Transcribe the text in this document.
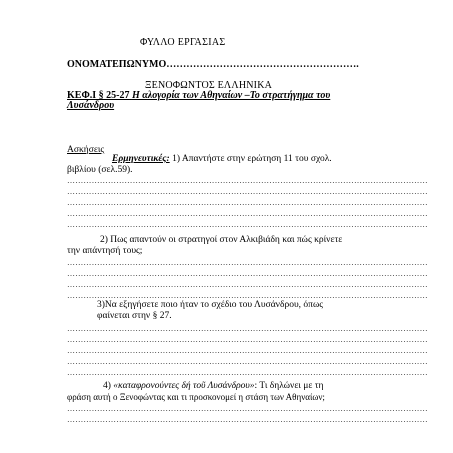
ΦΥΛΛΟ ΕΡΓΑΣΙΑΣ
ΟΝΟΜΑΤΕΠΩΝΥΜΟ………………………………………………….
ΞΕΝΟΦΩΝΤΟΣ ΕΛΛΗΝΙΚΑ
ΚΕΦ.Ι § 25-27 Η αλογορία των Αθηναίων –Το στρατήγημα του
Λυσάνδρου
Ασκήσεις
Ερμηνευτικές: 1) Απαντήστε στην ερώτηση 11 του σχολ.
βιβλίου (σελ.59).
……………………………………………………………………………………………………………………
……………………………………………………………………………………………………………………
……………………………………………………………………………………………………………………
……………………………………………………………………………………………………………………
……………………………………………………………………………………………………………………
2) Πως απαντούν οι στρατηγοί στον Αλκιβιάδη και πώς κρίνετε
την απάντησή τους;
……………………………………………………………………………………………………………………
……………………………………………………………………………………………………………………
……………………………………………………………………………………………………………………
……………………………………………………………………………………………………………………
3)Να εξηγήσετε ποιο ήταν το σχέδιο του Λυσάνδρου, όπως
φαίνεται στην § 27.
……………………………………………………………………………………………………………………
……………………………………………………………………………………………………………………
……………………………………………………………………………………………………………………
……………………………………………………………………………………………………………………
……………………………………………………………………………………………………………………
4) «καταφρονούντες δή τοῦ Λυσάνδρου»: Τι δηλώνει με τη
φράση αυτή ο Ξενοφώντας και τι προσκονομεί η στάση των Αθηναίων;
……………………………………………………………………………………………………………………
……………………………………………………………………………………………………………………
